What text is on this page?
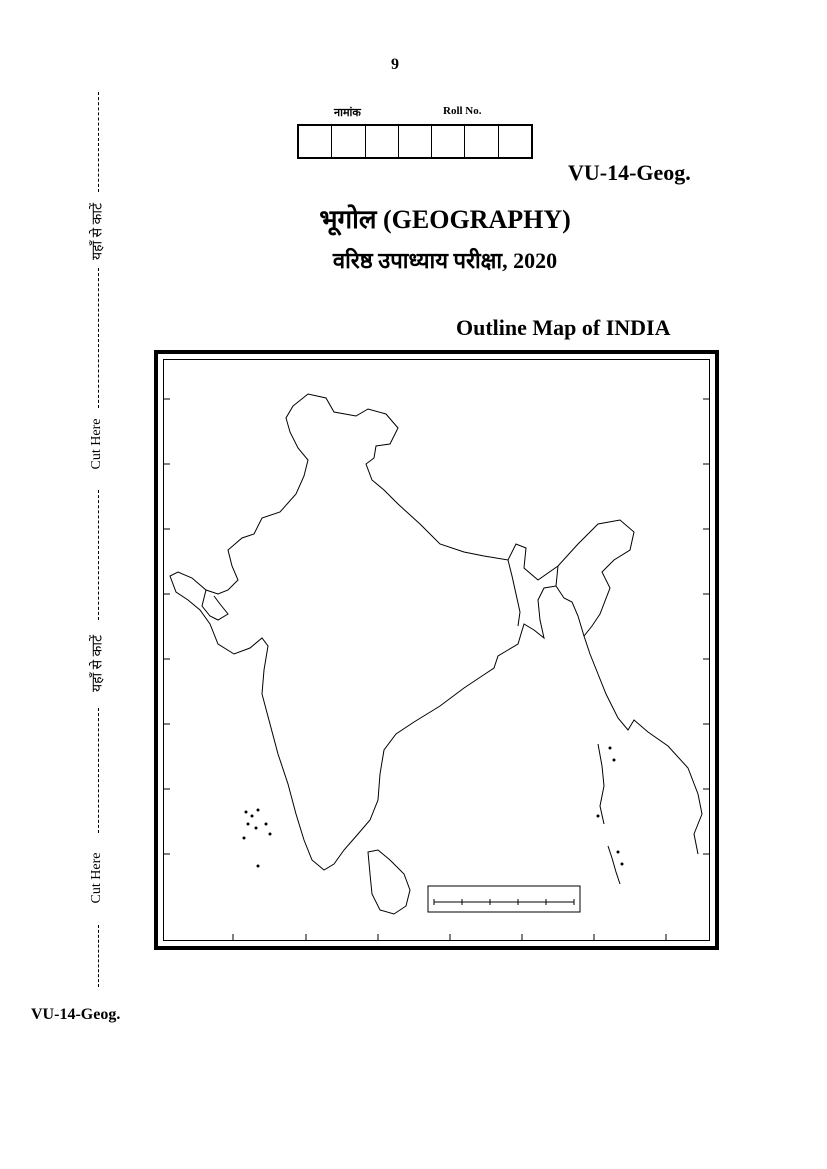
9
नामांक	Roll No.
VU-14-Geog.
भूगोल (GEOGRAPHY)
वरिष्ठ उपाध्याय परीक्षा, 2020
Outline Map of INDIA
यहाँ से काटें
Cut Here
यहाँ से काटें
Cut Here
VU-14-Geog.
